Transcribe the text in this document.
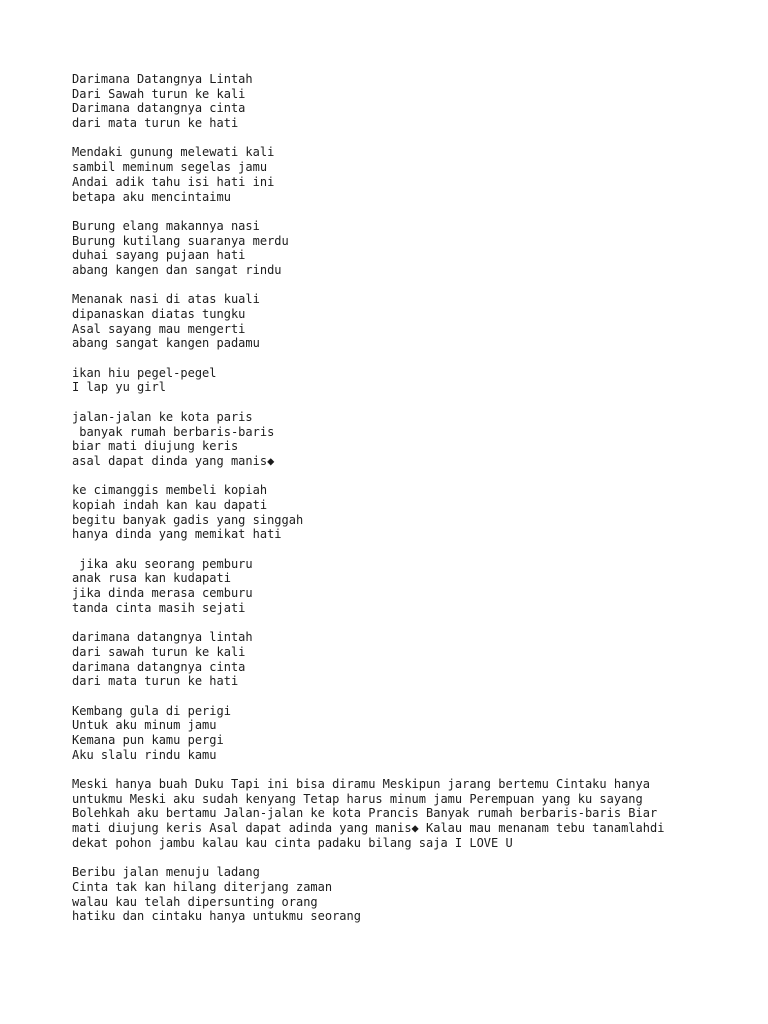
Darimana Datangnya Lintah
Dari Sawah turun ke kali
Darimana datangnya cinta
dari mata turun ke hati
Mendaki gunung melewati kali
sambil meminum segelas jamu
Andai adik tahu isi hati ini
betapa aku mencintaimu
Burung elang makannya nasi
Burung kutilang suaranya merdu
duhai sayang pujaan hati
abang kangen dan sangat rindu
Menanak nasi di atas kuali
dipanaskan diatas tungku
Asal sayang mau mengerti
abang sangat kangen padamu
ikan hiu pegel-pegel
I lap yu girl
jalan-jalan ke kota paris
banyak rumah berbaris-baris
biar mati diujung keris
asal dapat dinda yang manis◆
ke cimanggis membeli kopiah
kopiah indah kan kau dapati
begitu banyak gadis yang singgah
hanya dinda yang memikat hati
jika aku seorang pemburu
anak rusa kan kudapati
jika dinda merasa cemburu
tanda cinta masih sejati
darimana datangnya lintah
dari sawah turun ke kali
darimana datangnya cinta
dari mata turun ke hati
Kembang gula di perigi
Untuk aku minum jamu
Kemana pun kamu pergi
Aku slalu rindu kamu
Meski hanya buah Duku Tapi ini bisa diramu Meskipun jarang bertemu Cintaku hanya
untukmu Meski aku sudah kenyang Tetap harus minum jamu Perempuan yang ku sayang
Bolehkah aku bertamu Jalan-jalan ke kota Prancis Banyak rumah berbaris-baris Biar
mati diujung keris Asal dapat adinda yang manis◆ Kalau mau menanam tebu tanamlahdi
dekat pohon jambu kalau kau cinta padaku bilang saja I LOVE U
Beribu jalan menuju ladang
Cinta tak kan hilang diterjang zaman
walau kau telah dipersunting orang
hatiku dan cintaku hanya untukmu seorang
